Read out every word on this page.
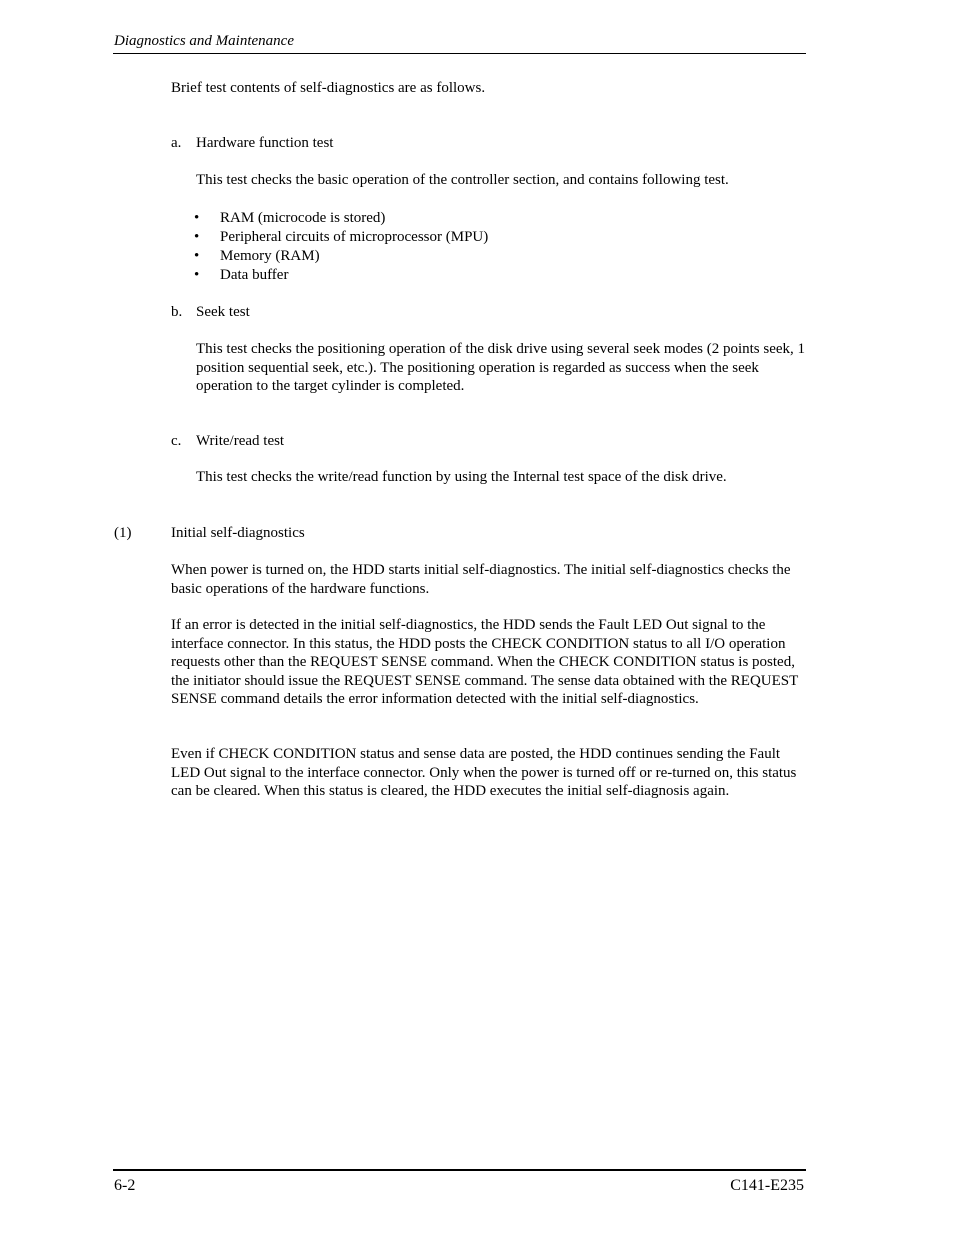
Diagnostics and Maintenance

Brief test contents of self-diagnostics are as follows.

a. Hardware function test

This test checks the basic operation of the controller section, and contains following test.

• RAM (microcode is stored)
• Peripheral circuits of microprocessor (MPU)
• Memory (RAM)
• Data buffer
b. Seek test

This test checks the positioning operation of the disk drive using several seek modes (2 points seek, 1 position sequential seek, etc.). The positioning operation is regarded as success when the seek operation to the target cylinder is completed.

c. Write/read test

This test checks the write/read function by using the Internal test space of the disk drive.

(1)	Initial self-diagnostics

When power is turned on, the HDD starts initial self-diagnostics. The initial self-diagnostics checks the basic operations of the hardware functions.

If an error is detected in the initial self-diagnostics, the HDD sends the Fault LED Out signal to the interface connector. In this status, the HDD posts the CHECK CONDITION status to all I/O operation requests other than the REQUEST SENSE command. When the CHECK CONDITION status is posted, the initiator should issue the REQUEST SENSE command. The sense data obtained with the REQUEST SENSE command details the error information detected with the initial self-diagnostics.

Even if CHECK CONDITION status and sense data are posted, the HDD continues sending the Fault LED Out signal to the interface connector. Only when the power is turned off or re-turned on, this status can be cleared. When this status is cleared, the HDD executes the initial self-diagnosis again.

6-2	C141-E235
